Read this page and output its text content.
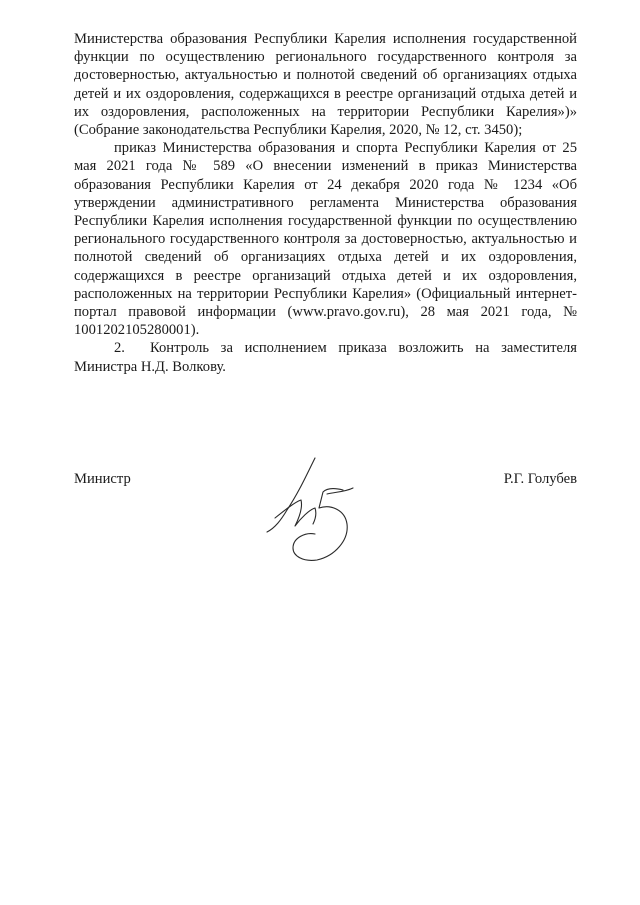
Министерства образования Республики Карелия исполнения государственной функции по осуществлению регионального государственного контроля за достоверностью, актуальностью и полнотой сведений об организациях отдыха детей и их оздоровления, содержащихся в реестре организаций отдыха детей и их оздоровления, расположенных на территории Республики Карелия»)» (Собрание законодательства Республики Карелия, 2020, № 12, ст. 3450);

приказ Министерства образования и спорта Республики Карелия от 25 мая 2021 года № 589 «О внесении изменений в приказ Министерства образования Республики Карелия от 24 декабря 2020 года № 1234 «Об утверждении административного регламента Министерства образования Республики Карелия исполнения государственной функции по осуществлению регионального государственного контроля за достоверностью, актуальностью и полнотой сведений об организациях отдыха детей и их оздоровления, содержащихся в реестре организаций отдыха детей и их оздоровления, расположенных на территории Республики Карелия» (Официальный интернет-портал правовой информации (www.pravo.gov.ru), 28 мая 2021 года, № 1001202105280001).

2. Контроль за исполнением приказа возложить на заместителя Министра Н.Д. Волкову.

Министр	Р.Г. Голубев
